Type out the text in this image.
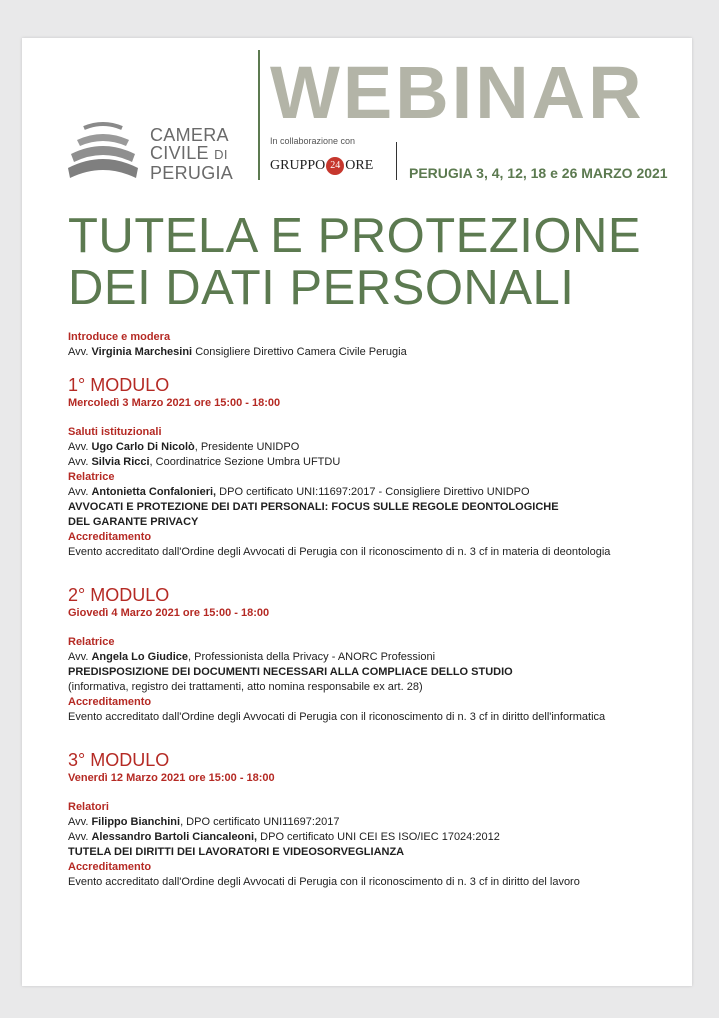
CAMERA
CIVILE DI
PERUGIA
WEBINAR
In collaborazione con
GRUPPO 24 ORE	PERUGIA 3, 4, 12, 18 e 26 MARZO 2021
TUTELA E PROTEZIONE
DEI DATI PERSONALI
Introduce e modera
Avv. Virginia Marchesini Consigliere Direttivo Camera Civile Perugia
1° MODULO
Mercoledì 3 Marzo 2021 ore 15:00 - 18:00
Saluti istituzionali
Avv. Ugo Carlo Di Nicolò, Presidente UNIDPO
Avv. Silvia Ricci, Coordinatrice Sezione Umbra UFTDU
Relatrice
Avv. Antonietta Confalonieri, DPO certificato UNI:11697:2017 - Consigliere Direttivo UNIDPO
AVVOCATI E PROTEZIONE DEI DATI PERSONALI: FOCUS SULLE REGOLE DEONTOLOGICHE
DEL GARANTE PRIVACY
Accreditamento
Evento accreditato dall'Ordine degli Avvocati di Perugia con il riconoscimento di n. 3 cf in materia di deontologia
2° MODULO
Giovedì 4 Marzo 2021 ore 15:00 - 18:00
Relatrice
Avv. Angela Lo Giudice, Professionista della Privacy - ANORC Professioni
PREDISPOSIZIONE DEI DOCUMENTI NECESSARI ALLA COMPLIACE DELLO STUDIO
(informativa, registro dei trattamenti, atto nomina responsabile ex art. 28)
Accreditamento
Evento accreditato dall'Ordine degli Avvocati di Perugia con il riconoscimento di n. 3 cf in diritto dell'informatica
3° MODULO
Venerdì 12 Marzo 2021 ore 15:00 - 18:00
Relatori
Avv. Filippo Bianchini, DPO certificato UNI11697:2017
Avv. Alessandro Bartoli Ciancaleoni, DPO certificato UNI CEI ES ISO/IEC 17024:2012
TUTELA DEI DIRITTI DEI LAVORATORI E VIDEOSORVEGLIANZA
Accreditamento
Evento accreditato dall'Ordine degli Avvocati di Perugia con il riconoscimento di n. 3 cf in diritto del lavoro
